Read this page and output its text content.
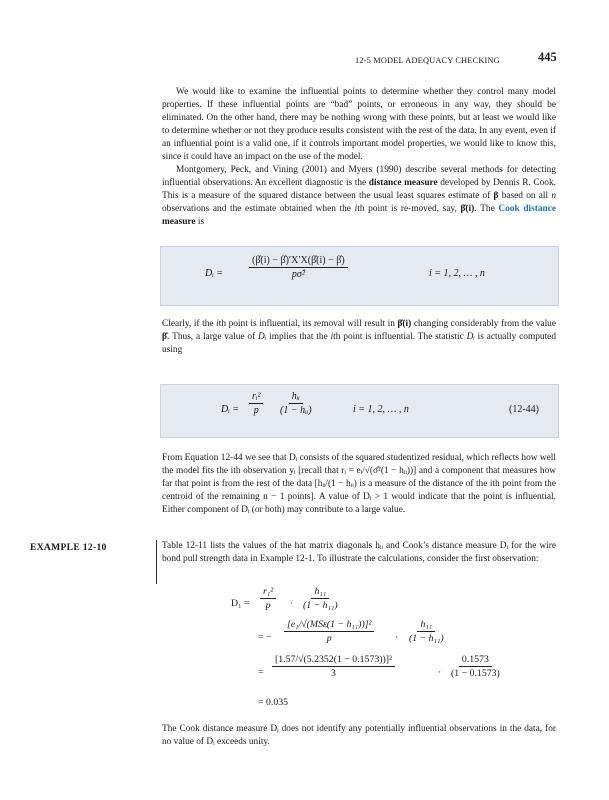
12-5 MODEL ADEQUACY CHECKING	445
We would like to examine the influential points to determine whether they control many model properties. If these influential points are “bad” points, or erroneous in any way, they should be eliminated. On the other hand, there may be nothing wrong with these points, but at least we would like to determine whether or not they produce results consistent with the rest of the data. In any event, even if an influential point is a valid one, if it controls important model properties, we would like to know this, since it could have an impact on the use of the model.
Montgomery, Peck, and Vining (2001) and Myers (1990) describe several methods for detecting influential observations. An excellent diagnostic is the distance measure developed by Dennis R. Cook. This is a measure of the squared distance between the usual least squares estimate of β based on all n observations and the estimate obtained when the ith point is re-moved, say, β̂(i). The Cook distance measure is
Dᵢ =	$\frac{(\betâ(i) - \betâ)'X'X(\betâ(i) - \betâ)}{\text{pσ̂²}}$	i = 1, 2, … , n
Clearly, if the ith point is influential, its removal will result in β̂(i) changing considerably from the value β̂. Thus, a large value of Dᵢ implies that the ith point is influential. The statistic Dᵢ is actually computed using
Dᵢ = $\frac{\text{rᵢ²}}{p}$	hᵢᵢ
(1 − hᵢᵢ)	i = 1, 2, … , n	(12-44)
From Equation 12-44 we see that Dᵢ consists of the squared studentized residual, which reflects how well the model fits the ith observation yᵢ [recall that rᵢ = eᵢ/√(σ̂²(1 − hᵢᵢ))] and a component that measures how far that point is from the rest of the data [hᵢᵢ/(1 − hᵢᵢ) is a measure of the distance of the ith point from the centroid of the remaining n − 1 points]. A value of Dᵢ > 1 would indicate that the point is influential. Either component of Dᵢ (or both) may contribute to a large value.
EXAMPLE 12-10	Table 12-11 lists the values of the hat matrix diagonals hᵢᵢ and Cook’s distance measure Dᵢ for the wire bond pull strength data in Example 12-1. To illustrate the calculations, consider the first observation:
$D_1 = \frac{\text{r₁²}}{p} \cdot \frac{\text{h₁₁}}{\text{(1 − h₁₁)}}$
= −
[e₁/√(MSᴇ(1 − h₁₁))]²
p	· $\frac{\text{h₁₁}}{\text{(1 − h₁₁)}}$
= $\frac{\text{[1.57/√(5.2352(1 − 0.1573))]²}}{3}$	· $\frac{0.1573}{(1 - 0.1573)}$
= 0.035
The Cook distance measure Dᵢ does not identify any potentially influential observations in the data, for no value of Dᵢ exceeds unity.
